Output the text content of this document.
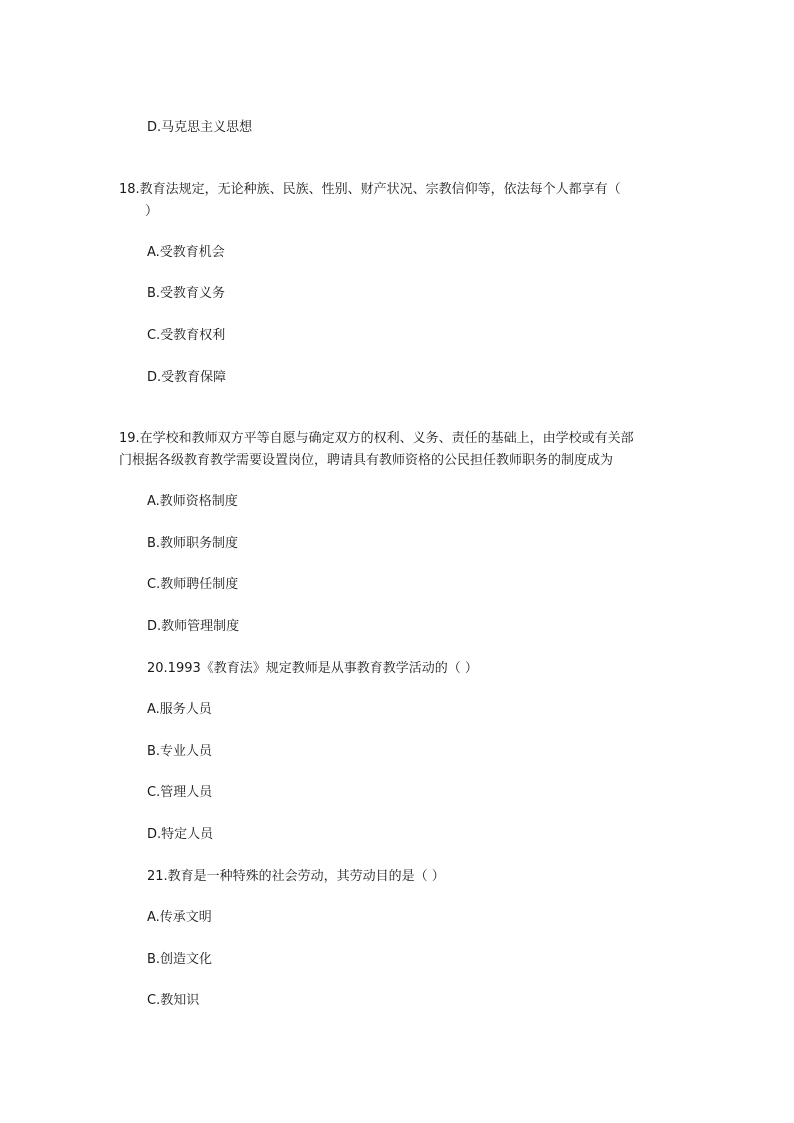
D.马克思主义思想
18.教育法规定，无论种族、民族、性别、财产状况、宗教信仰等，依法每个人都享有（
）
A.受教育机会
B.受教育义务
C.受教育权利
D.受教育保障
19.在学校和教师双方平等自愿与确定双方的权利、义务、责任的基础上，由学校或有关部
门根据各级教育教学需要设置岗位，聘请具有教师资格的公民担任教师职务的制度成为
A.教师资格制度
B.教师职务制度
C.教师聘任制度
D.教师管理制度
20.1993《教育法》规定教师是从事教育教学活动的（ ）
A.服务人员
B.专业人员
C.管理人员
D.特定人员
21.教育是一种特殊的社会劳动，其劳动目的是（ ）
A.传承文明
B.创造文化
C.教知识
